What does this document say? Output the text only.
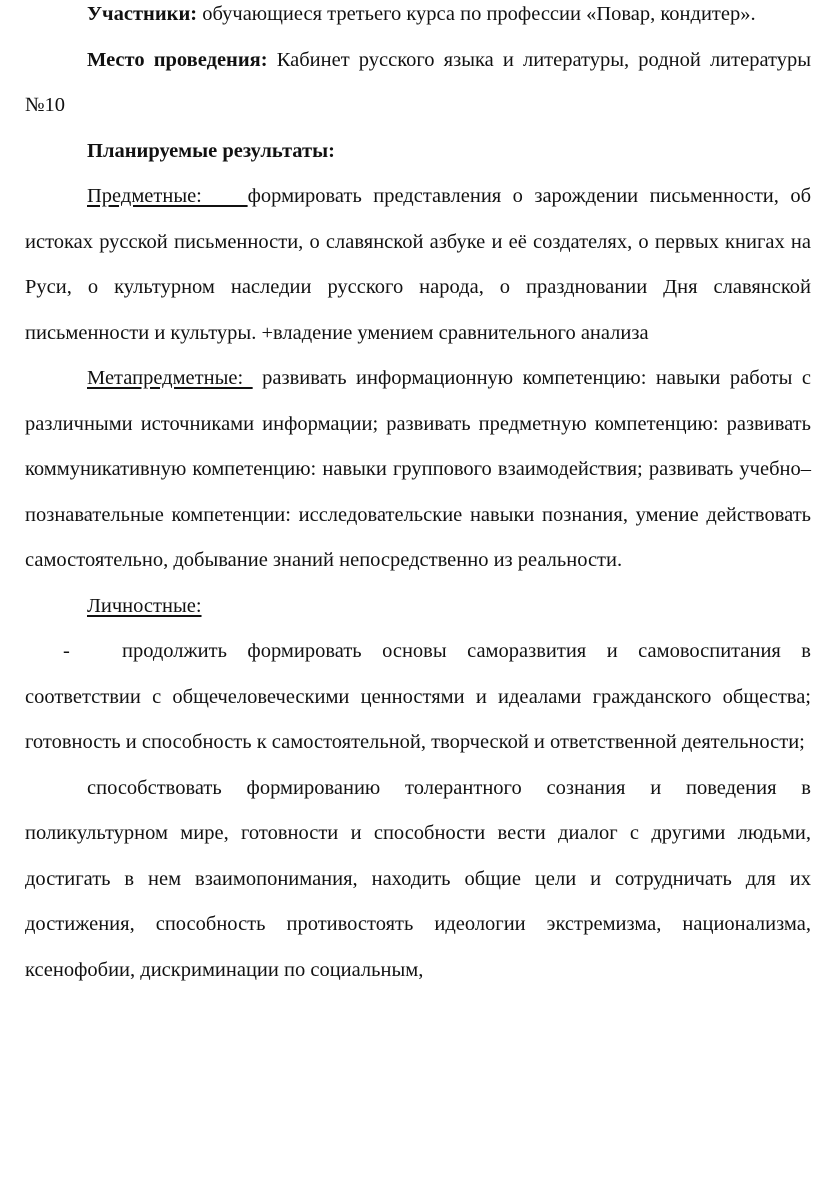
Участники: обучающиеся третьего курса по профессии «Повар, кондитер».

Место проведения: Кабинет русского языка и литературы, родной литературы №10

Планируемые результаты:

Предметные:    формировать представления о зарождении письменности, об истоках русской письменности, о славянской азбуке и её создателях, о первых книгах на Руси, о культурном наследии русского народа, о праздновании Дня славянской письменности и культуры. +владение умением сравнительного анализа

Метапредметные:  развивать информационную компетенцию: навыки работы с различными источниками информации; развивать предметную компетенцию: развивать коммуникативную компетенцию: навыки группового взаимодействия; развивать учебно–познавательные компетенции: исследовательские навыки познания, умение действовать самостоятельно, добывание знаний непосредственно из реальности.

Личностные:

-	продолжить формировать основы саморазвития и самовоспитания в соответствии с общечеловеческими ценностями и идеалами гражданского общества; готовность и способность к самостоятельной, творческой и ответственной деятельности;

способствовать формированию толерантного сознания и поведения в поликультурном мире, готовности и способности вести диалог с другими людьми, достигать в нем взаимопонимания, находить общие цели и сотрудничать для их достижения, способность противостоять идеологии экстремизма, национализма, ксенофобии, дискриминации по социальным,
